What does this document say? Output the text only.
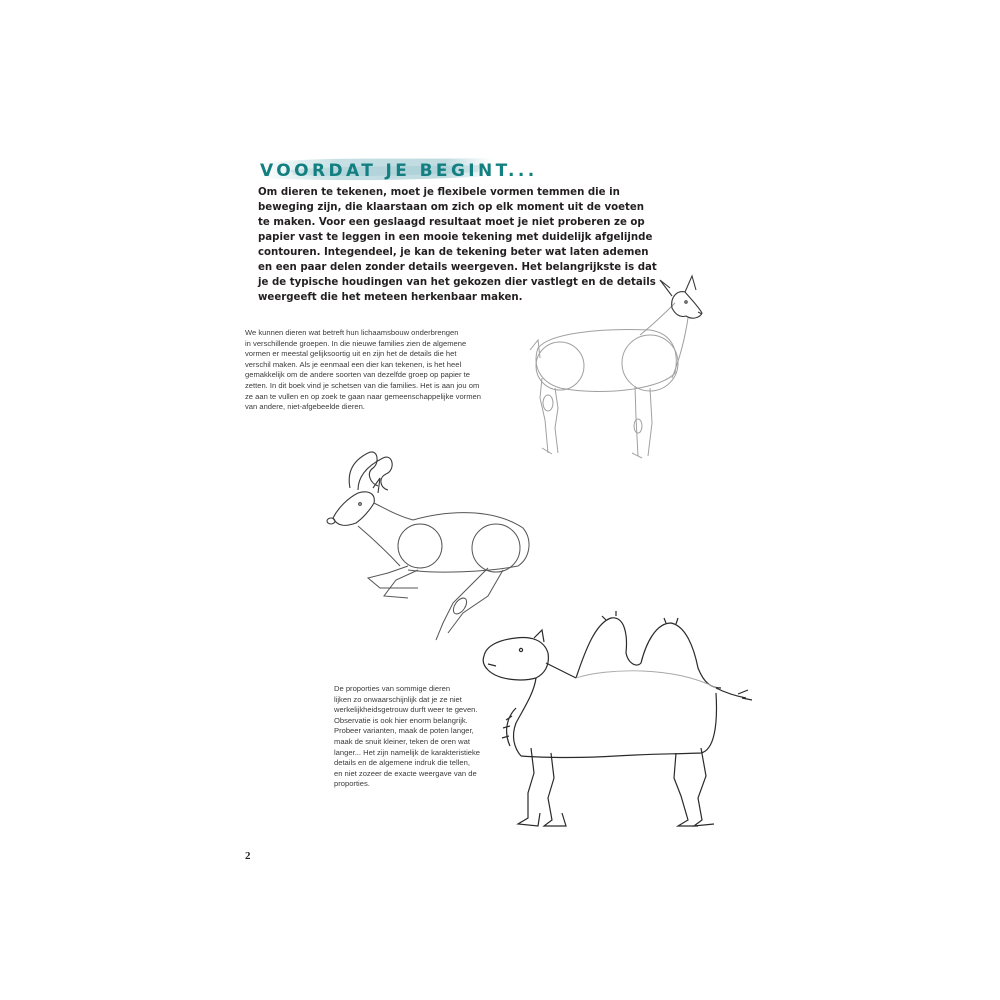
VOORDAT JE BEGINT...

Om dieren te tekenen, moet je flexibele vormen temmen die in
beweging zijn, die klaarstaan om zich op elk moment uit de voeten
te maken. Voor een geslaagd resultaat moet je niet proberen ze op
papier vast te leggen in een mooie tekening met duidelijk afgelijnde
contouren. Integendeel, je kan de tekening beter wat laten ademen
en een paar delen zonder details weergeven. Het belangrijkste is dat
je de typische houdingen van het gekozen dier vastlegt en de details
weergeeft die het meteen herkenbaar maken.

We kunnen dieren wat betreft hun lichaamsbouw onderbrengen
in verschillende groepen. In die nieuwe families zien de algemene
vormen er meestal gelijksoortig uit en zijn het de details die het
verschil maken. Als je eenmaal een dier kan tekenen, is het heel
gemakkelijk om de andere soorten van dezelfde groep op papier te
zetten. In dit boek vind je schetsen van die families. Het is aan jou om
ze aan te vullen en op zoek te gaan naar gemeenschappelijke vormen
van andere, niet-afgebeelde dieren.

De proporties van sommige dieren
lijken zo onwaarschijnlijk dat je ze niet
werkelijkheidsgetrouw durft weer te geven.
Observatie is ook hier enorm belangrijk.
Probeer varianten, maak de poten langer,
maak de snuit kleiner, teken de oren wat
langer... Het zijn namelijk de karakteristieke
details en de algemene indruk die tellen,
en niet zozeer de exacte weergave van de
proporties.

2
